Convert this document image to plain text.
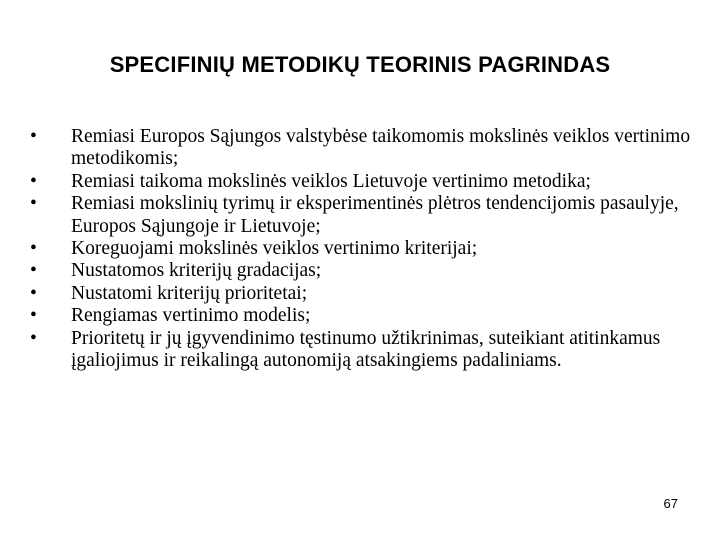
SPECIFINIŲ METODIKŲ TEORINIS PAGRINDAS
•	Remiasi Europos Sąjungos valstybėse taikomomis mokslinės veiklos vertinimo metodikomis;
•	Remiasi taikoma mokslinės veiklos Lietuvoje vertinimo metodika;
•	Remiasi mokslinių tyrimų ir eksperimentinės plėtros tendencijomis pasaulyje, Europos Sąjungoje ir Lietuvoje;
•	Koreguojami mokslinės veiklos vertinimo kriterijai;
•	Nustatomos kriterijų gradacijas;
•	Nustatomi kriterijų prioritetai;
•	Rengiamas vertinimo modelis;
•	Prioritetų ir jų įgyvendinimo tęstinumo užtikrinimas, suteikiant atitinkamus įgaliojimus ir reikalingą autonomiją atsakingiems padaliniams.
67
